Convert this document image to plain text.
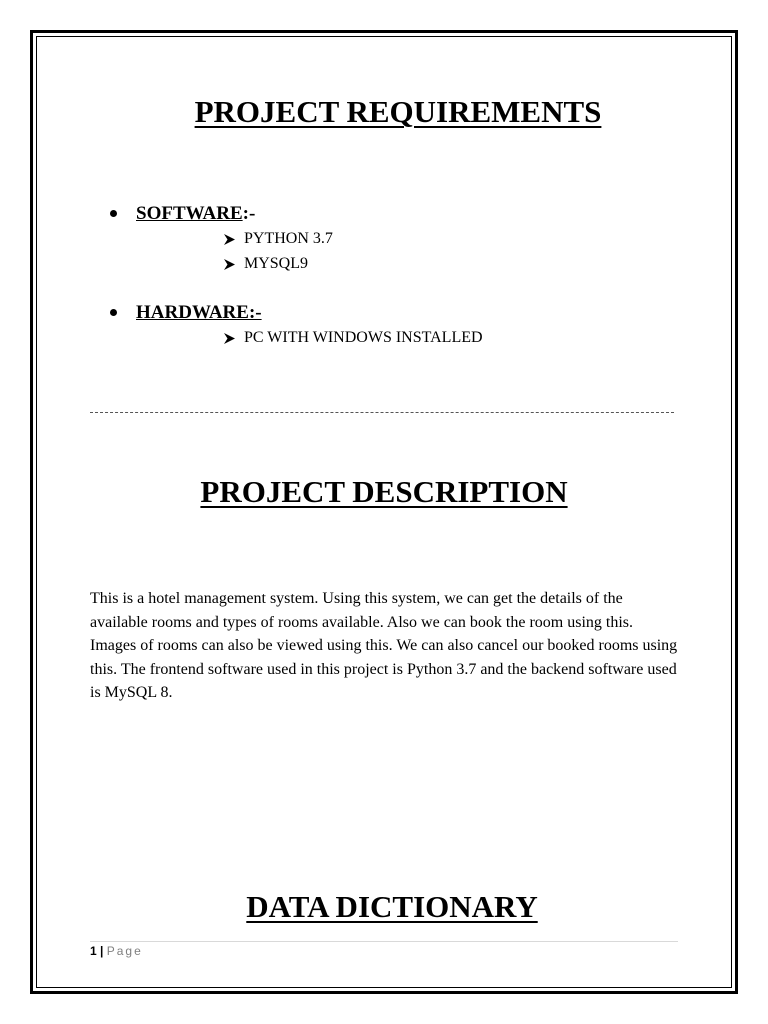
PROJECT REQUIREMENTS
SOFTWARE :-
PYTHON 3.7
MYSQL9
HARDWARE:-
PC WITH WINDOWS INSTALLED
PROJECT DESCRIPTION

This is a hotel management system. Using this system, we can get the details of the available rooms and types of rooms available. Also we can book the room using this. Images of rooms can also be viewed using this. We can also cancel our booked rooms using this. The frontend software used in this project is Python 3.7 and the backend software used is MySQL 8.

DATA DICTIONARY
1 | Page
